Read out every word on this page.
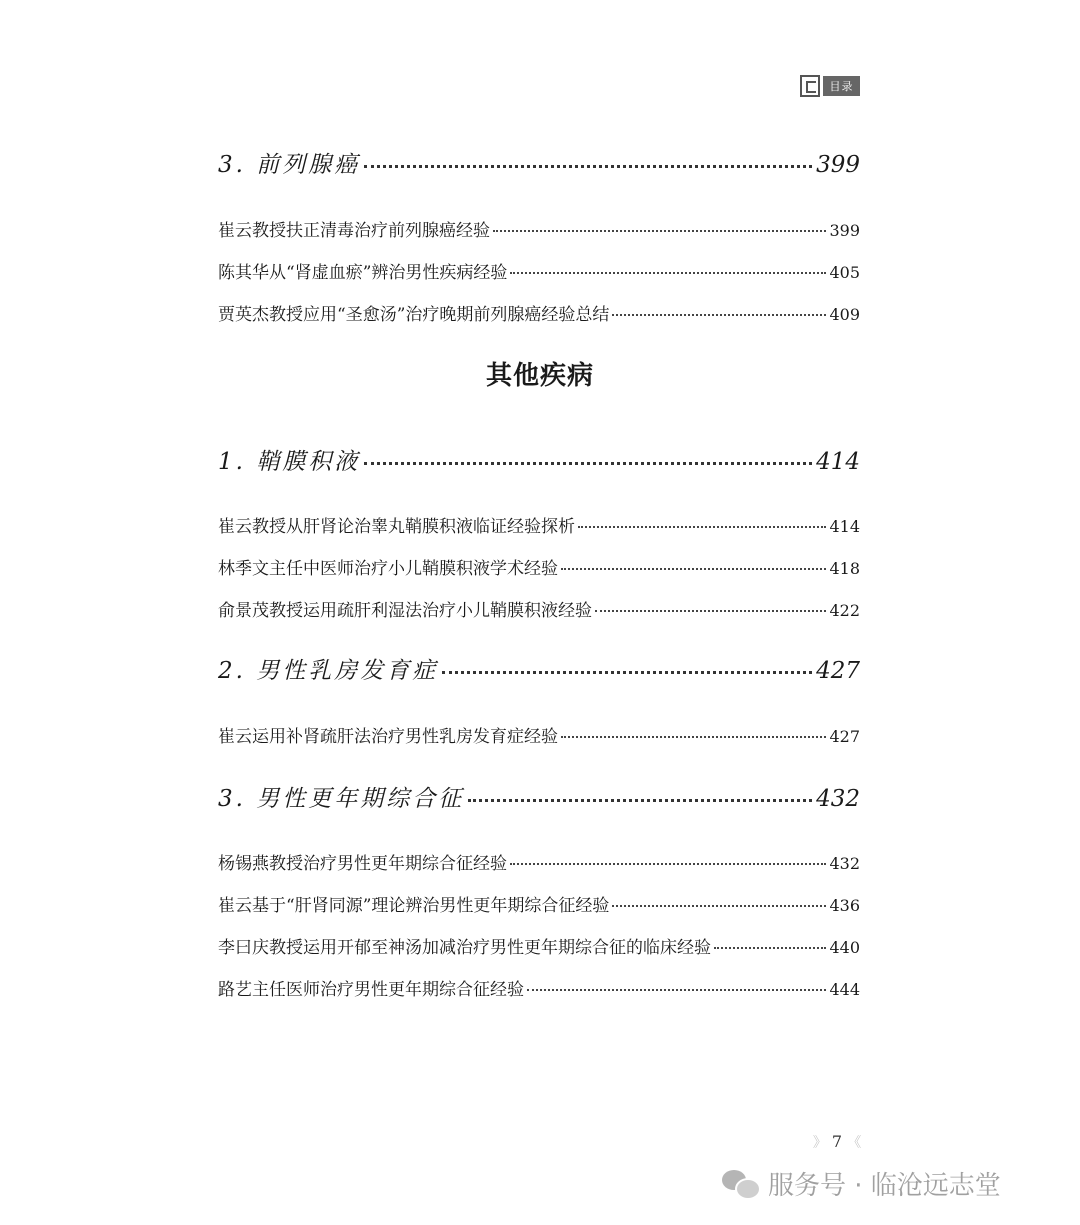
目录
3. 前列腺癌	399
崔云教授扶正清毒治疗前列腺癌经验	399
陈其华从“肾虚血瘀”辨治男性疾病经验	405
贾英杰教授应用“圣愈汤”治疗晚期前列腺癌经验总结	409
其他疾病
1. 鞘膜积液	414
崔云教授从肝肾论治睾丸鞘膜积液临证经验探析	414
林季文主任中医师治疗小儿鞘膜积液学术经验	418
俞景茂教授运用疏肝利湿法治疗小儿鞘膜积液经验	422
2. 男性乳房发育症	427
崔云运用补肾疏肝法治疗男性乳房发育症经验	427
3. 男性更年期综合征	432
杨锡燕教授治疗男性更年期综合征经验	432
崔云基于“肝肾同源”理论辨治男性更年期综合征经验	436
李曰庆教授运用开郁至神汤加减治疗男性更年期综合征的临床经验	440
路艺主任医师治疗男性更年期综合征经验	444
》 7 《
服务号 · 临沧远志堂
